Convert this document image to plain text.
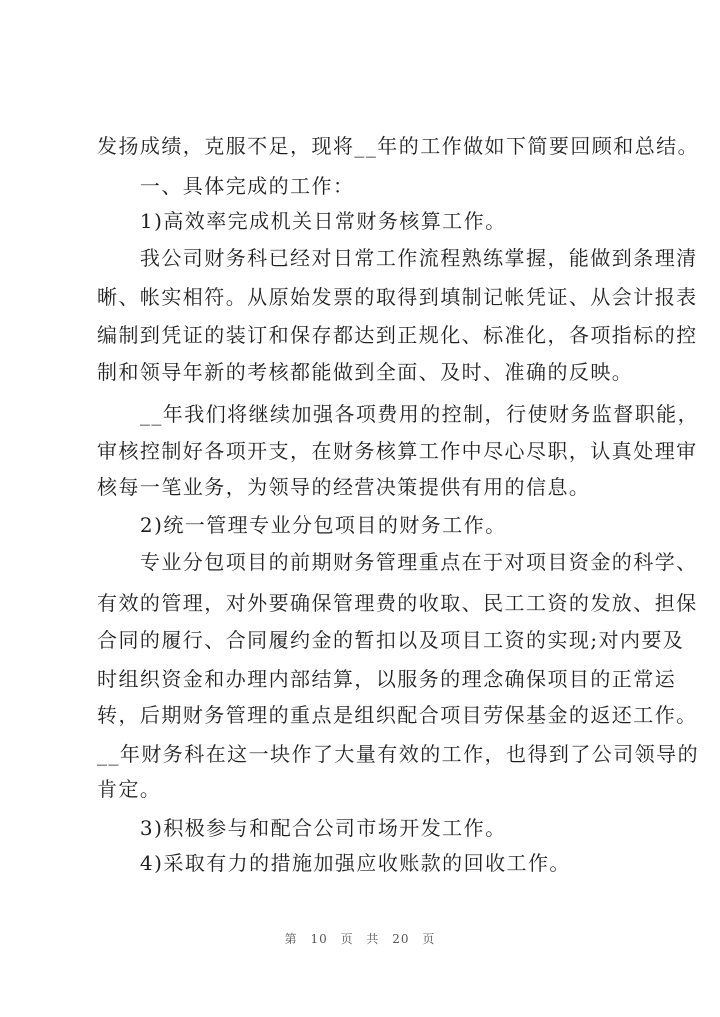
发扬成绩，克服不足，现将__年的工作做如下简要回顾和总结。
　　一、具体完成的工作：
　　1)高效率完成机关日常财务核算工作。
　　我公司财务科已经对日常工作流程熟练掌握，能做到条理清
晰、帐实相符。从原始发票的取得到填制记帐凭证、从会计报表
编制到凭证的装订和保存都达到正规化、标准化，各项指标的控
制和领导年新的考核都能做到全面、及时、准确的反映。
　　__年我们将继续加强各项费用的控制，行使财务监督职能，
审核控制好各项开支，在财务核算工作中尽心尽职，认真处理审
核每一笔业务，为领导的经营决策提供有用的信息。
　　2)统一管理专业分包项目的财务工作。
　　专业分包项目的前期财务管理重点在于对项目资金的科学、
有效的管理，对外要确保管理费的收取、民工工资的发放、担保
合同的履行、合同履约金的暂扣以及项目工资的实现;对内要及
时组织资金和办理内部结算，以服务的理念确保项目的正常运
转，后期财务管理的重点是组织配合项目劳保基金的返还工作。
__年财务科在这一块作了大量有效的工作，也得到了公司领导的
肯定。
　　3)积极参与和配合公司市场开发工作。
　　4)采取有力的措施加强应收账款的回收工作。
第 10 页 共 20 页
